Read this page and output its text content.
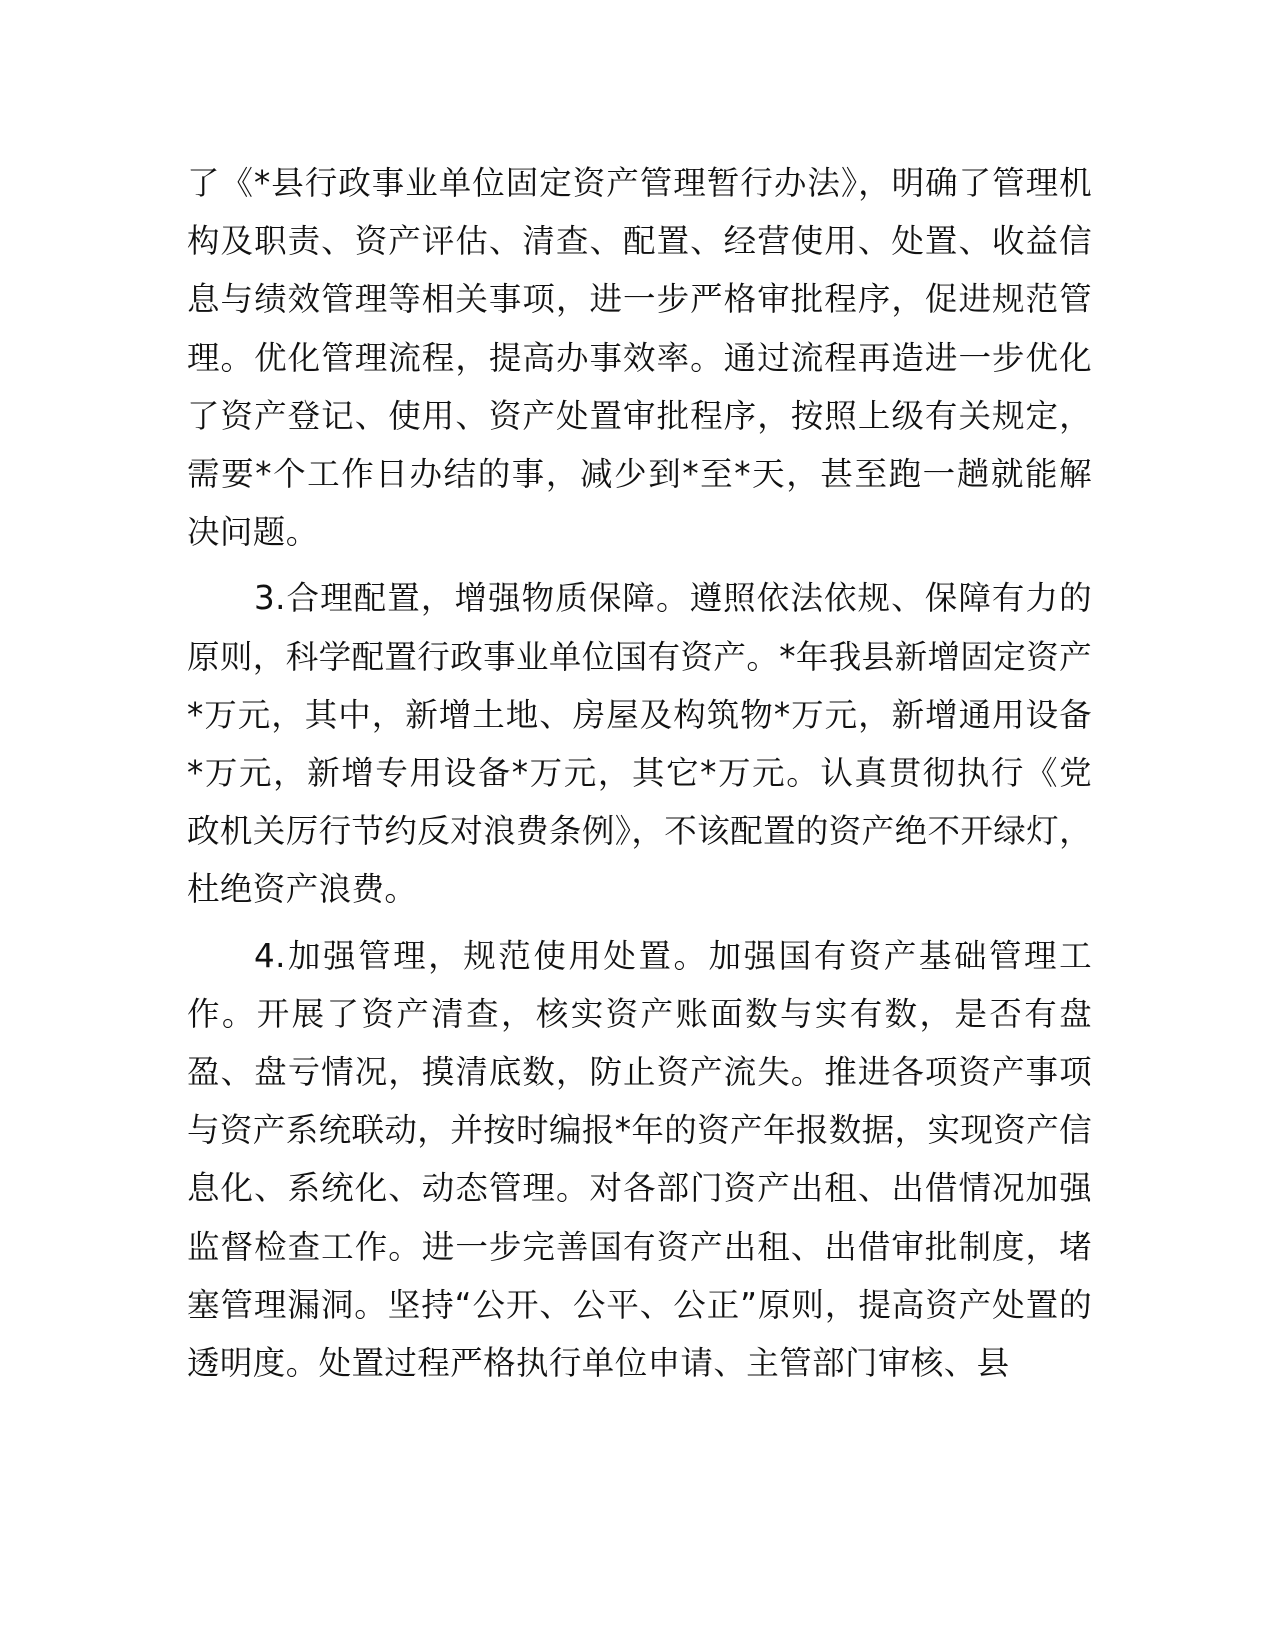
了《*县行政事业单位固定资产管理暂行办法》，明确了管理机构及职责、资产评估、清查、配置、经营使用、处置、收益信息与绩效管理等相关事项，进一步严格审批程序，促进规范管理。优化管理流程，提高办事效率。通过流程再造进一步优化了资产登记、使用、资产处置审批程序，按照上级有关规定，需要*个工作日办结的事，减少到*至*天，甚至跑一趟就能解决问题。

3.合理配置，增强物质保障。遵照依法依规、保障有力的原则，科学配置行政事业单位国有资产。*年我县新增固定资产*万元，其中，新增土地、房屋及构筑物*万元，新增通用设备*万元，新增专用设备*万元，其它*万元。认真贯彻执行《党政机关厉行节约反对浪费条例》，不该配置的资产绝不开绿灯，杜绝资产浪费。

4.加强管理，规范使用处置。加强国有资产基础管理工作。开展了资产清查，核实资产账面数与实有数，是否有盘盈、盘亏情况，摸清底数，防止资产流失。推进各项资产事项与资产系统联动，并按时编报*年的资产年报数据，实现资产信息化、系统化、动态管理。对各部门资产出租、出借情况加强监督检查工作。进一步完善国有资产出租、出借审批制度，堵塞管理漏洞。坚持“公开、公平、公正”原则，提高资产处置的透明度。处置过程严格执行单位申请、主管部门审核、县
